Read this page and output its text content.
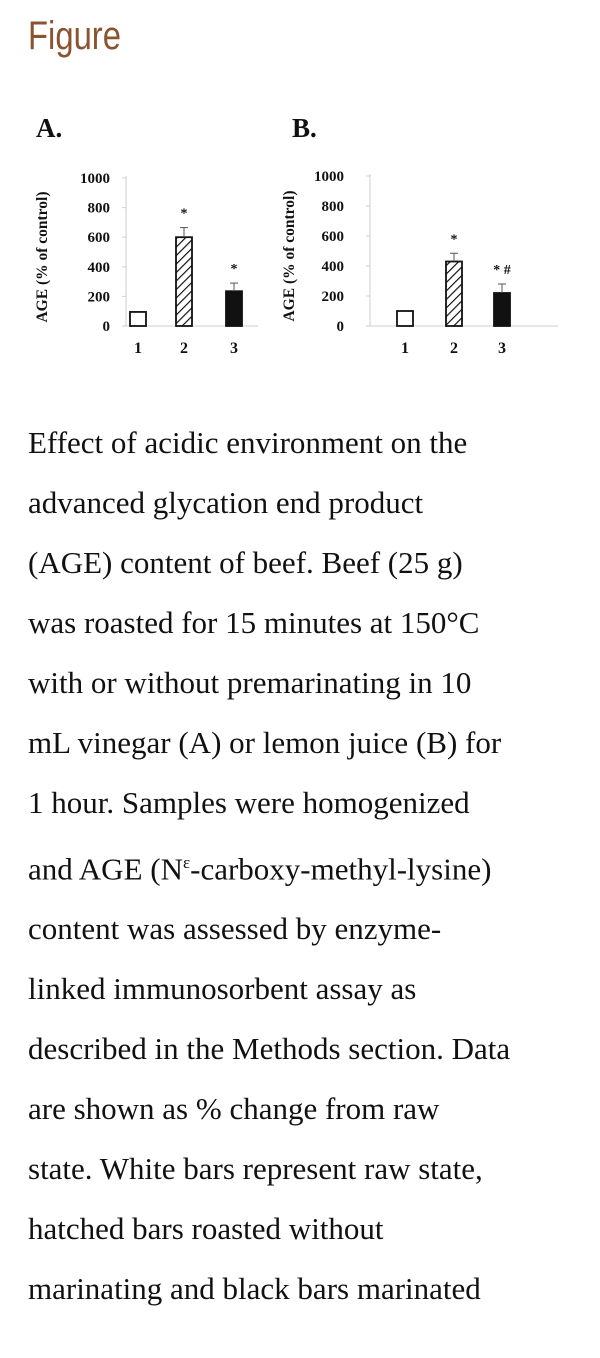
Figure
A.
AGE (% of control)
0
200
400
600
800
1000
1
*
2
*
3
B.
AGE (% of control)
0
200
400
600
800
1000
1
*
2
* #
3
Effect of acidic environment on the
advanced glycation end product
(AGE) content of beef. Beef (25 g)
was roasted for 15 minutes at 150°C
with or without premarinating in 10
mL vinegar (A) or lemon juice (B) for
1 hour. Samples were homogenized
and AGE $(N^\varepsilon-carboxy-methyl-lysine)$
content was assessed by enzyme-
linked immunosorbent assay as
described in the Methods section. Data
are shown as % change from raw
state. White bars represent raw state,
hatched bars roasted without
marinating and black bars marinated
